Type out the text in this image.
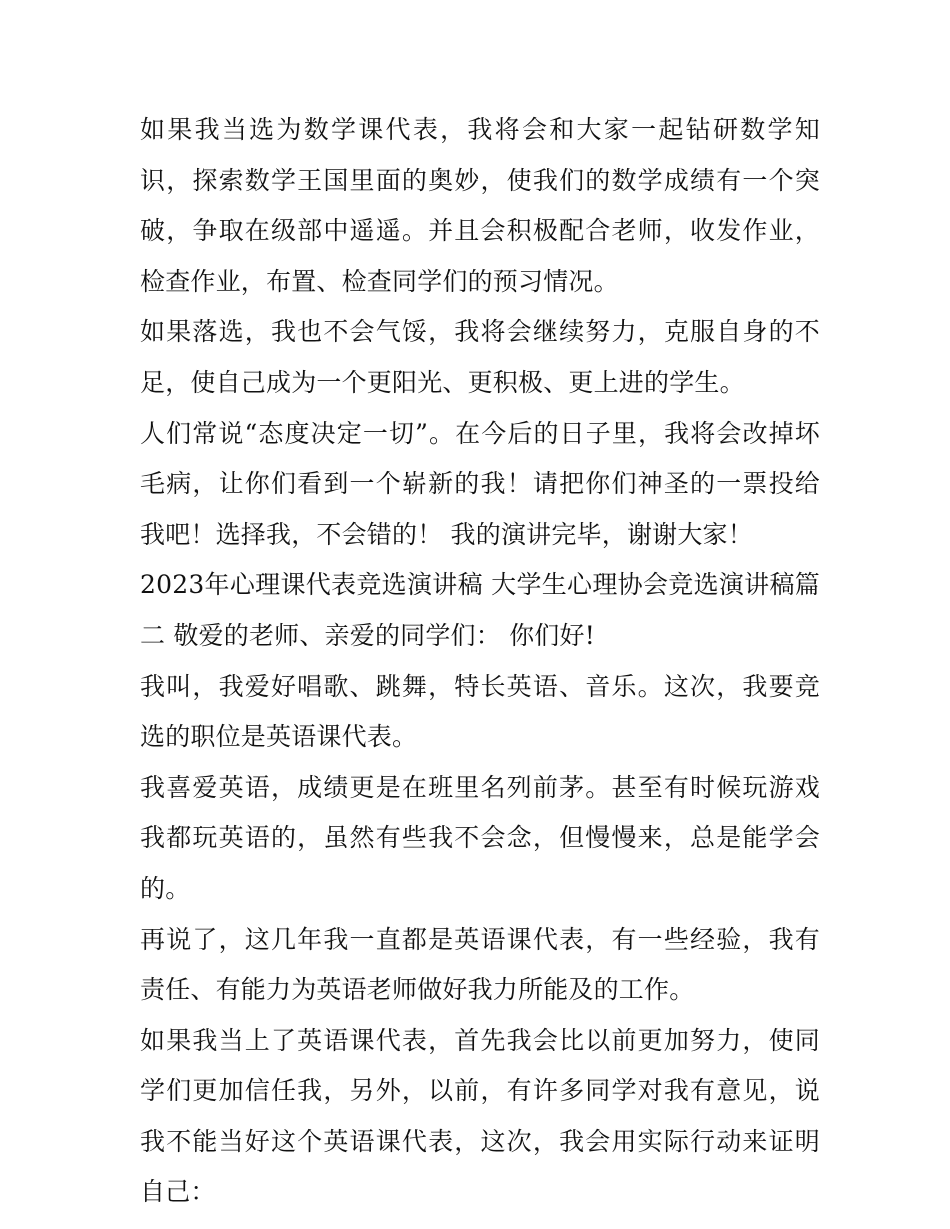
如果我当选为数学课代表，我将会和大家一起钻研数学知识，探索数学王国里面的奥妙，使我们的数学成绩有一个突破，争取在级部中遥遥。并且会积极配合老师，收发作业，检查作业，布置、检查同学们的预习情况。

如果落选，我也不会气馁，我将会继续努力，克服自身的不足，使自己成为一个更阳光、更积极、更上进的学生。

人们常说“态度决定一切”。在今后的日子里，我将会改掉坏毛病，让你们看到一个崭新的我！请把你们神圣的一票投给我吧！选择我，不会错的！ 我的演讲完毕，谢谢大家！

2023年心理课代表竞选演讲稿 大学生心理协会竞选演讲稿篇二 敬爱的老师、亲爱的同学们： 你们好!

我叫，我爱好唱歌、跳舞，特长英语、音乐。这次，我要竞选的职位是英语课代表。

我喜爱英语，成绩更是在班里名列前茅。甚至有时候玩游戏我都玩英语的，虽然有些我不会念，但慢慢来，总是能学会的。

再说了，这几年我一直都是英语课代表，有一些经验，我有责任、有能力为英语老师做好我力所能及的工作。

如果我当上了英语课代表，首先我会比以前更加努力，使同学们更加信任我，另外，以前，有许多同学对我有意见，说我不能当好这个英语课代表，这次，我会用实际行动来证明自己：
